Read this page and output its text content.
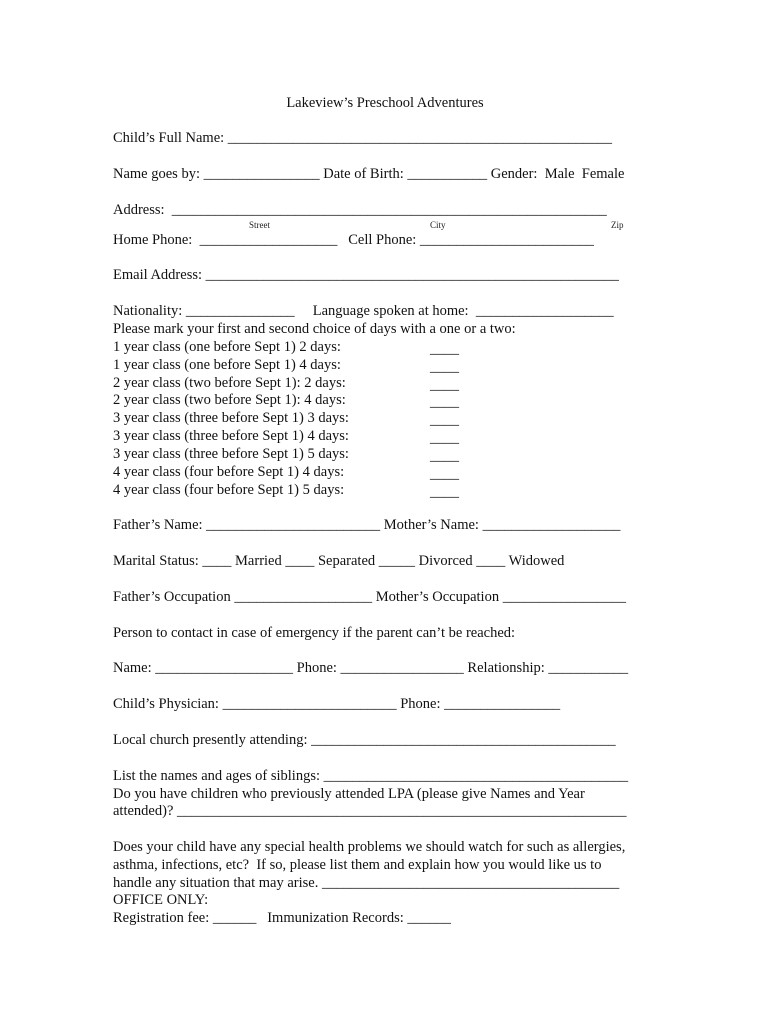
Lakeview’s Preschool Adventures
Child’s Full Name: _____________________________________________________
Name goes by: ________________ Date of Birth: ___________ Gender:  Male  Female
Address:  ____________________________________________________________
Street	City	Zip
Home Phone:  ___________________   Cell Phone: ________________________
Email Address: _________________________________________________________
Nationality: _______________     Language spoken at home:  ___________________
Please mark your first and second choice of days with a one or a two:
1 year class (one before Sept 1) 2 days:	____
1 year class (one before Sept 1) 4 days:	____
2 year class (two before Sept 1): 2 days:	____
2 year class (two before Sept 1): 4 days:	____
3 year class (three before Sept 1) 3 days:	____
3 year class (three before Sept 1) 4 days:	____
3 year class (three before Sept 1) 5 days:	____
4 year class (four before Sept 1) 4 days:	____
4 year class (four before Sept 1) 5 days:	____
Father’s Name: ________________________ Mother’s Name: ___________________
Marital Status: ____ Married ____ Separated _____ Divorced ____ Widowed
Father’s Occupation ___________________ Mother’s Occupation _________________
Person to contact in case of emergency if the parent can’t be reached:
Name: ___________________ Phone: _________________ Relationship: ___________
Child’s Physician: ________________________ Phone: ________________
Local church presently attending: __________________________________________
List the names and ages of siblings: __________________________________________
Do you have children who previously attended LPA (please give Names and Year
attended)? ______________________________________________________________
Does your child have any special health problems we should watch for such as allergies,
asthma, infections, etc?  If so, please list them and explain how you would like us to
handle any situation that may arise. _________________________________________
OFFICE ONLY:
Registration fee: ______   Immunization Records: ______
